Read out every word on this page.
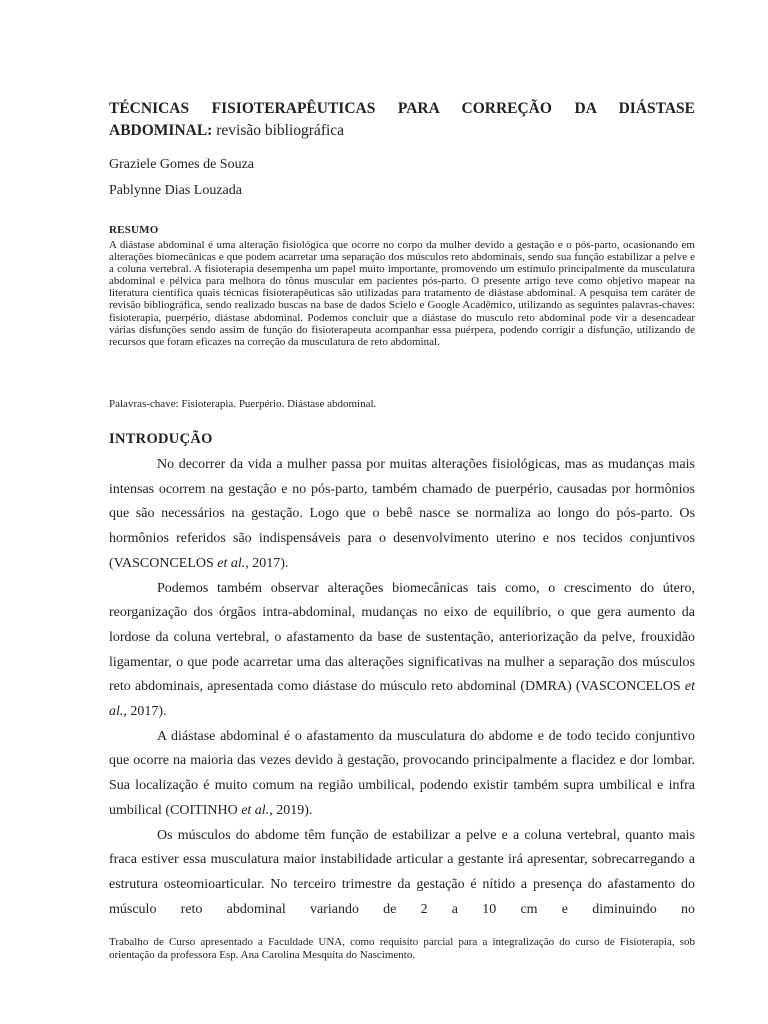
TÉCNICAS FISIOTERAPÊUTICAS PARA CORREÇÃO DA DIÁSTASE
ABDOMINAL: revisão bibliográfica
Graziele Gomes de Souza
Pablynne Dias Louzada
RESUMO
A diástase abdominal é uma alteração fisiológica que ocorre no corpo da mulher devido a gestação e o pós-parto, ocasionando em alterações biomecânicas e que podem acarretar uma separação dos músculos reto abdominais, sendo sua função estabilizar a pelve e a coluna vertebral. A fisioterapia desempenha um papel muito importante, promovendo um estímulo principalmente da musculatura abdominal e pélvica para melhora do tônus muscular em pacientes pós-parto. O presente artigo teve como objetivo mapear na literatura científica quais técnicas fisioterapêuticas são utilizadas para tratamento de diástase abdominal. A pesquisa tem caráter de revisão bibliográfica, sendo realizado buscas na base de dados Scielo e Google Acadêmico, utilizando as seguintes palavras-chaves: fisioterapia, puerpério, diástase abdominal. Podemos concluir que a diástase do musculo reto abdominal pode vir a desencadear várias disfunções sendo assim de função do fisioterapeuta acompanhar essa puérpera, podendo corrigir a disfunção, utilizando de recursos que foram eficazes na correção da musculatura de reto abdominal.
Palavras-chave: Fisioterapia. Puerpério. Diástase abdominal.
INTRODUÇÃO

No decorrer da vida a mulher passa por muitas alterações fisiológicas, mas as mudanças mais intensas ocorrem na gestação e no pós-parto, também chamado de puerpério, causadas por hormônios que são necessários na gestação. Logo que o bebê nasce se normaliza ao longo do pós-parto. Os hormônios referidos são indispensáveis para o desenvolvimento uterino e nos tecidos conjuntivos (VASCONCELOS et al., 2017).

Podemos também observar alterações biomecânicas tais como, o crescimento do útero, reorganização dos órgãos intra-abdominal, mudanças no eixo de equilíbrio, o que gera aumento da lordose da coluna vertebral, o afastamento da base de sustentação, anteriorização da pelve, frouxidão ligamentar, o que pode acarretar uma das alterações significativas na mulher a separação dos músculos reto abdominais, apresentada como diástase do músculo reto abdominal (DMRA) (VASCONCELOS et al., 2017).

A diástase abdominal é o afastamento da musculatura do abdome e de todo tecido conjuntivo que ocorre na maioria das vezes devido à gestação, provocando principalmente a flacidez e dor lombar. Sua localização é muito comum na região umbilical, podendo existir também supra umbilical e infra umbilical (COITINHO et al., 2019).

Os músculos do abdome têm função de estabilizar a pelve e a coluna vertebral, quanto mais fraca estiver essa musculatura maior instabilidade articular a gestante irá apresentar, sobrecarregando a estrutura osteomioarticular. No terceiro trimestre da gestação é nítido a presença do afastamento do músculo reto abdominal variando de 2 a 10 cm e diminuindo no

Trabalho de Curso apresentado a Faculdade UNA, como requisito parcial para a integralização do curso de Fisioterapia, sob orientação da professora Esp. Ana Carolina Mesquita do Nascimento.
